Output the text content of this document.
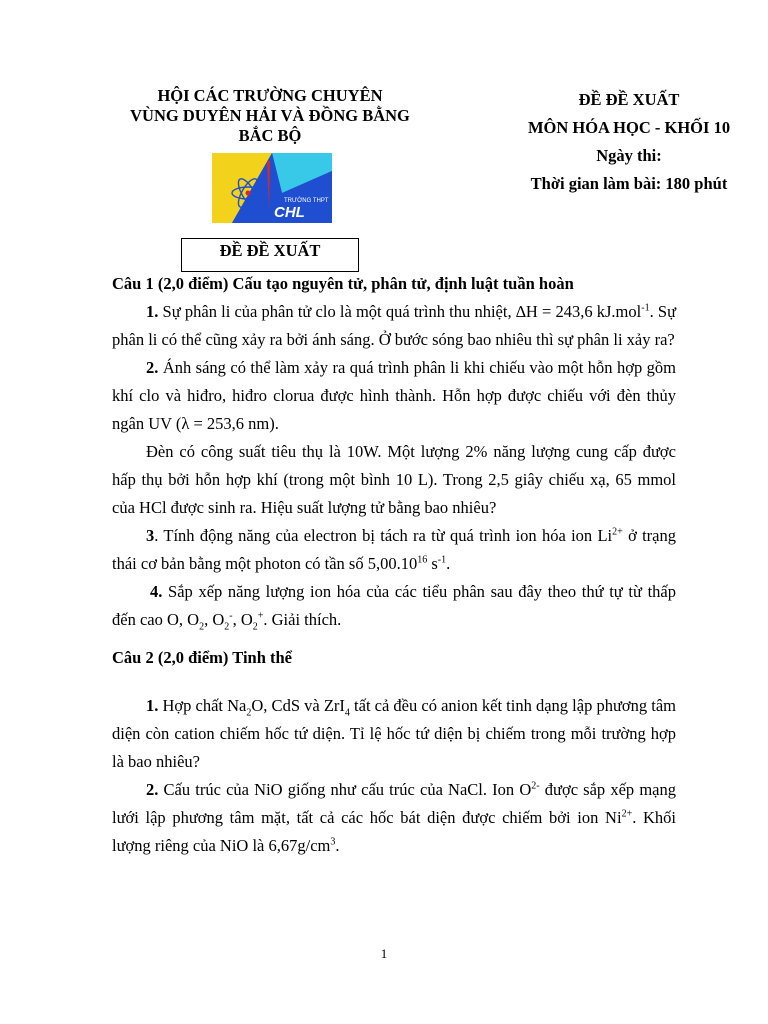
HỘI CÁC TRƯỜNG CHUYÊN
VÙNG DUYÊN HẢI VÀ ĐỒNG BẰNG
BẮC BỘ
ĐỀ ĐỀ XUẤT
MÔN HÓA HỌC - KHỐI 10
Ngày thi:
Thời gian làm bài: 180 phút
TRƯỜNG THPT
CHL
ĐỀ ĐỀ XUẤT

Câu 1 (2,0 điểm) Cấu tạo nguyên tử, phân tử, định luật tuần hoàn

1. Sự phân li của phân tử clo là một quá trình thu nhiệt, ∆H = 243,6 kJ.mol$^{-1}$. Sự phân li có thể cũng xảy ra bởi ánh sáng. Ở bước sóng bao nhiêu thì sự phân li xảy ra?

2. Ánh sáng có thể làm xảy ra quá trình phân li khi chiếu vào một hỗn hợp gồm khí clo và hiđro, hiđro clorua được hình thành. Hỗn hợp được chiếu với đèn thủy ngân UV (λ = 253,6 nm).

Đèn có công suất tiêu thụ là 10W. Một lượng 2% năng lượng cung cấp được hấp thụ bởi hỗn hợp khí (trong một bình 10 L). Trong 2,5 giây chiếu xạ, 65 mmol của HCl được sinh ra. Hiệu suất lượng tử bằng bao nhiêu?

3. Tính động năng của electron bị tách ra từ quá trình ion hóa ion $Li^{2+}$ ở trạng thái cơ bản bằng một photon có tần số 5,00.10$^{16}$ $s^{-1}$.

4. Sắp xếp năng lượng ion hóa của các tiểu phân sau đây theo thứ tự từ thấp đến cao O, $O_2$, $O_2^-$, $O_2^+$. Giải thích.

Câu 2 (2,0 điểm) Tinh thể

1. Hợp chất $Na_2O$, CdS và ZrI$_4$ tất cả đều có anion kết tinh dạng lập phương tâm diện còn cation chiếm hốc tứ diện. Tỉ lệ hốc tứ diện bị chiếm trong mỗi trường hợp là bao nhiêu?

2. Cấu trúc của NiO giống như cấu trúc của NaCl. Ion $O^{2-}$ được sắp xếp mạng lưới lập phương tâm mặt, tất cả các hốc bát diện được chiếm bởi ion $Ni^{2+}$. Khối lượng riêng của NiO là $6,67g/cm^3$.

1
